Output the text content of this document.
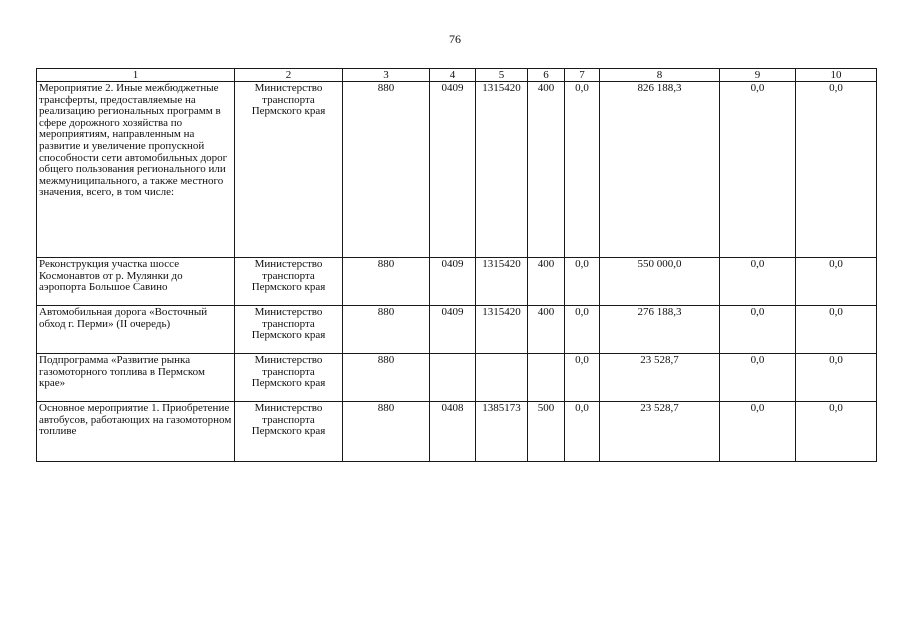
76
1	2	3	4	5	6	7	8	9	10
Мероприятие 2. Иные межбюджетные трансферты, предоставляемые на реализацию региональных программ в сфере дорожного хозяйства по мероприятиям, направленным на развитие и увеличение пропускной способности сети автомобильных дорог общего пользования регионального или межмуниципального, а также местного значения, всего, в том числе:	Министерство транспорта Пермского края	880	0409	1315420	400	0,0	826 188,3	0,0	0,0
Реконструкция участка шоссе Космонавтов от р. Мулянки до аэропорта Большое Савино	Министерство транспорта Пермского края	880	0409	1315420	400	0,0	550 000,0	0,0	0,0
Автомобильная дорога «Восточный обход г. Перми» (II очередь)	Министерство транспорта Пермского края	880	0409	1315420	400	0,0	276 188,3	0,0	0,0
Подпрограмма «Развитие рынка газомоторного топлива в Пермском крае»	Министерство транспорта Пермского края	880				0,0	23 528,7	0,0	0,0
Основное мероприятие 1. Приобретение автобусов, работающих на газомоторном топливе	Министерство транспорта Пермского края	880	0408	1385173	500	0,0	23 528,7	0,0	0,0
